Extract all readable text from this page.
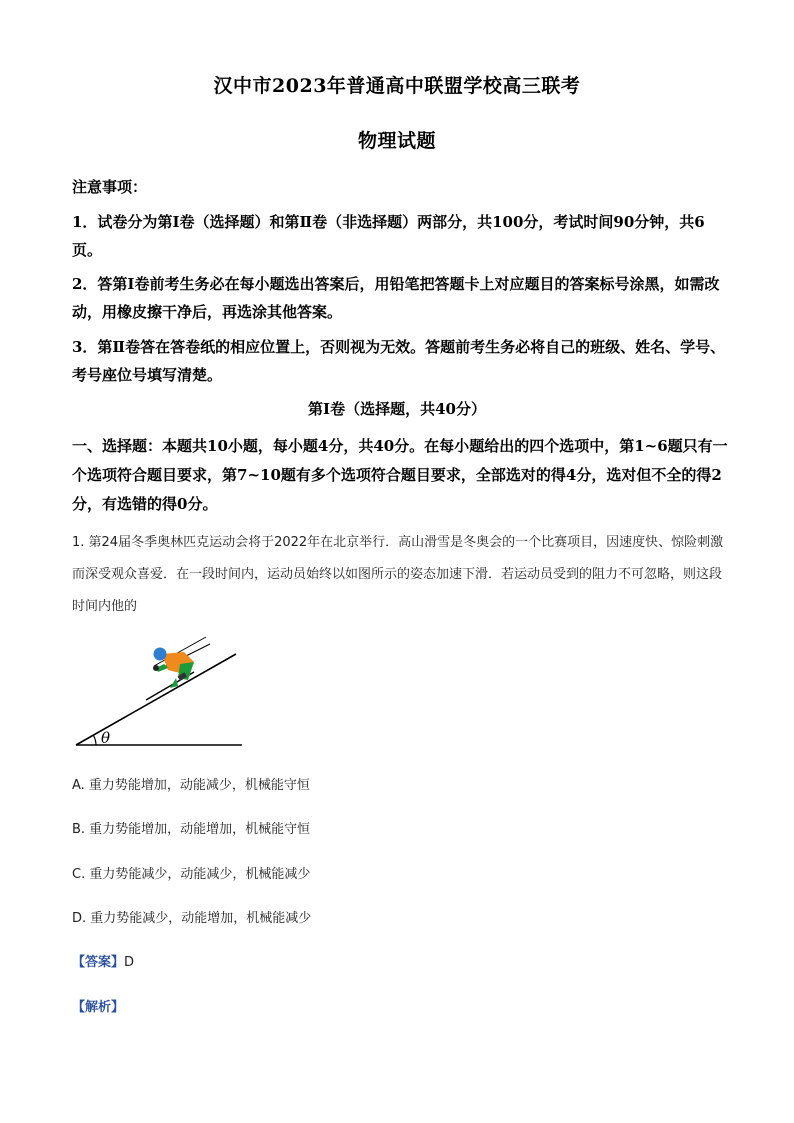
汉中市2023年普通高中联盟学校高三联考
物理试题
注意事项：
1．试卷分为第Ⅰ卷（选择题）和第Ⅱ卷（非选择题）两部分，共100分，考试时间90分钟，共6页。
2．答第Ⅰ卷前考生务必在每小题选出答案后，用铅笔把答题卡上对应题目的答案标号涂黑，如需改动，用橡皮擦干净后，再选涂其他答案。
3．第Ⅱ卷答在答卷纸的相应位置上，否则视为无效。答题前考生务必将自己的班级、姓名、学号、考号座位号填写清楚。
第Ⅰ卷（选择题，共40分）
一、选择题：本题共10小题，每小题4分，共40分。在每小题给出的四个选项中，第1~6题只有一个选项符合题目要求，第7~10题有多个选项符合题目要求，全部选对的得4分，选对但不全的得2分，有选错的得0分。
1. 第24届冬季奥林匹克运动会将于2022年在北京举行．高山滑雪是冬奥会的一个比赛项目，因速度快、惊险刺激而深受观众喜爱．在一段时间内，运动员始终以如图所示的姿态加速下滑．若运动员受到的阻力不可忽略，则这段时间内他的
θ
A. 重力势能增加，动能减少，机械能守恒
B. 重力势能增加，动能增加，机械能守恒
C. 重力势能减少，动能减少，机械能减少
D. 重力势能减少，动能增加，机械能减少
【答案】D
【解析】
